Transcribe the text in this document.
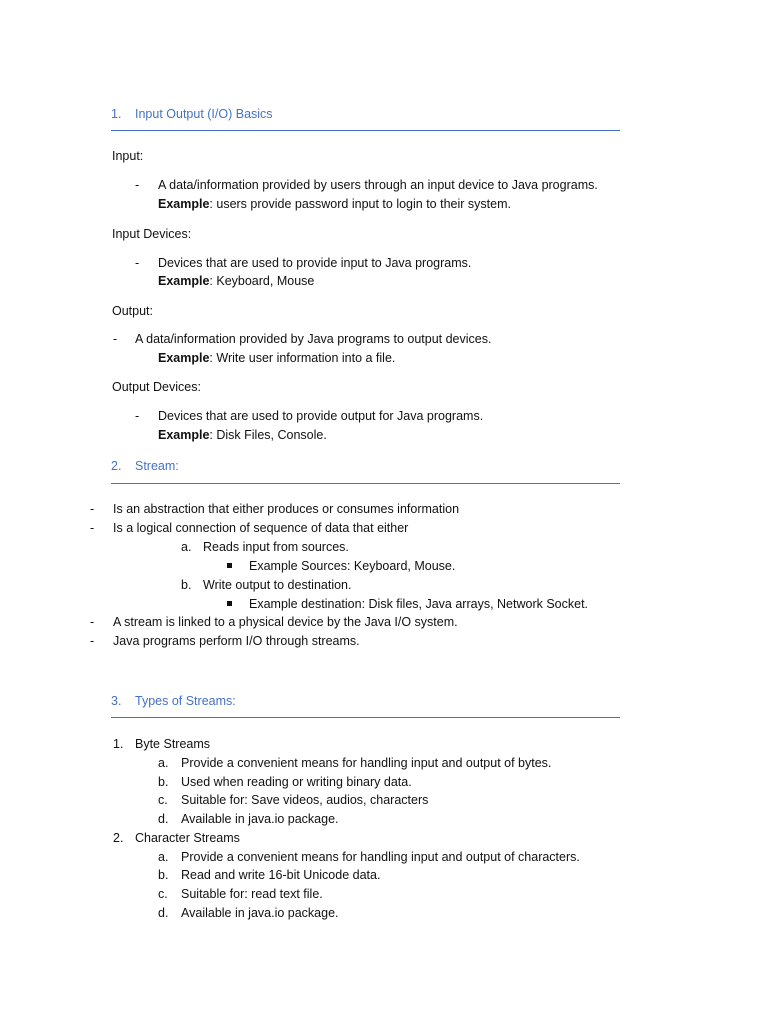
1. Input Output (I/O) Basics
Input:
- A data/information provided by users through an input device to Java programs.
Example: users provide password input to login to their system.
Input Devices:
- Devices that are used to provide input to Java programs.
Example: Keyboard, Mouse
Output:
- A data/information provided by Java programs to output devices.
Example: Write user information into a file.
Output Devices:
- Devices that are used to provide output for Java programs.
Example: Disk Files, Console.
2. Stream:
- Is an abstraction that either produces or consumes information
- Is a logical connection of sequence of data that either
a. Reads input from sources.
Example Sources: Keyboard, Mouse.
b. Write output to destination.
Example destination: Disk files, Java arrays, Network Socket.
- A stream is linked to a physical device by the Java I/O system.
- Java programs perform I/O through streams.
3. Types of Streams:
1. Byte Streams
a. Provide a convenient means for handling input and output of bytes.
b. Used when reading or writing binary data.
c. Suitable for: Save videos, audios, characters
d. Available in java.io package.
2. Character Streams
a. Provide a convenient means for handling input and output of characters.
b. Read and write 16-bit Unicode data.
c. Suitable for: read text file.
d. Available in java.io package.
